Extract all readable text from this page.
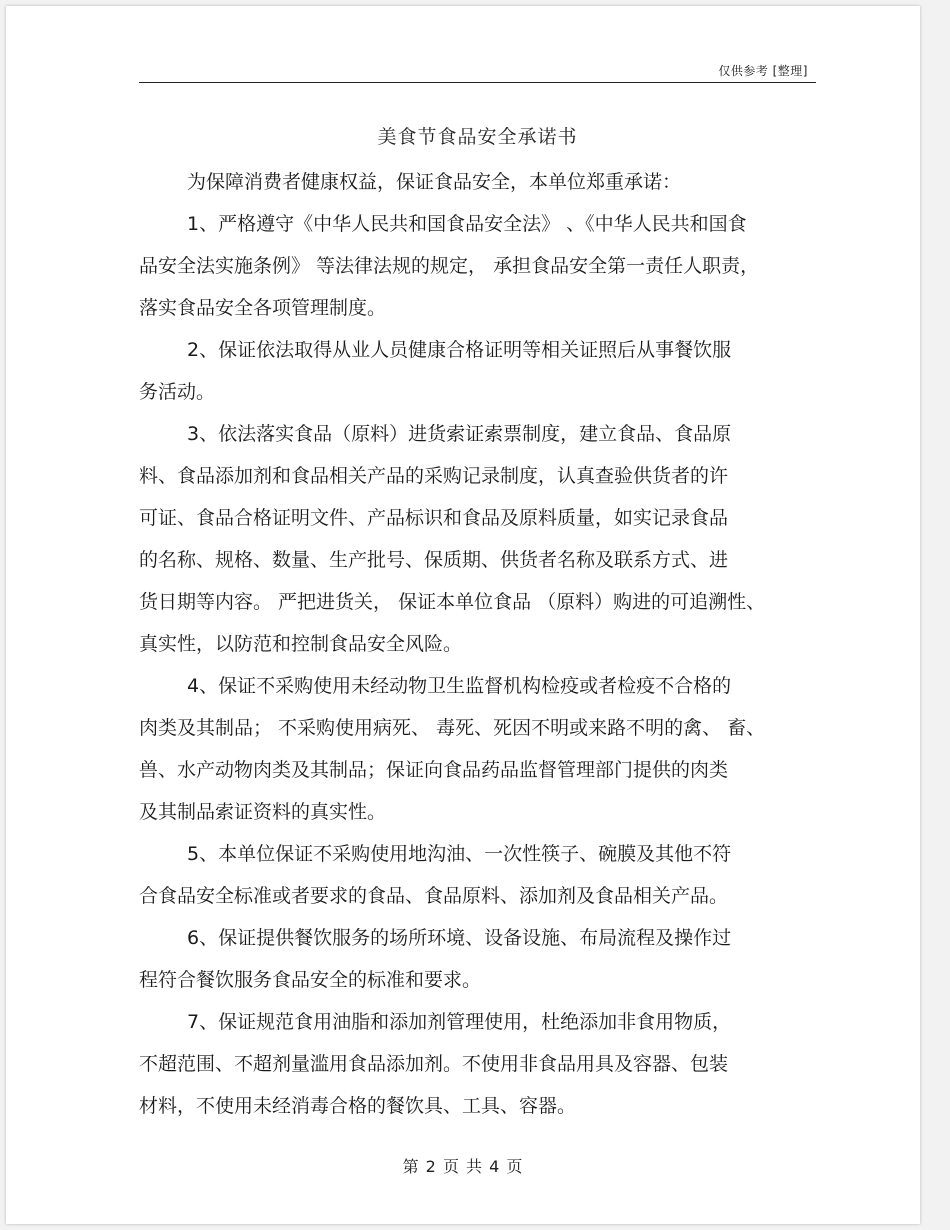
仅供参考 [整理]
美食节食品安全承诺书
为保障消费者健康权益，保证食品安全，本单位郑重承诺：
1、严格遵守《中华人民共和国食品安全法》 、《中华人民共和国食
品安全法实施条例》 等法律法规的规定， 承担食品安全第一责任人职责，
落实食品安全各项管理制度。
2、保证依法取得从业人员健康合格证明等相关证照后从事餐饮服
务活动。
3、依法落实食品（原料）进货索证索票制度，建立食品、食品原
料、食品添加剂和食品相关产品的采购记录制度，认真查验供货者的许
可证、食品合格证明文件、产品标识和食品及原料质量，如实记录食品
的名称、规格、数量、生产批号、保质期、供货者名称及联系方式、进
货日期等内容。 严把进货关， 保证本单位食品 （原料）购进的可追溯性、
真实性，以防范和控制食品安全风险。
4、保证不采购使用未经动物卫生监督机构检疫或者检疫不合格的
肉类及其制品； 不采购使用病死、 毒死、死因不明或来路不明的禽、 畜、
兽、水产动物肉类及其制品；保证向食品药品监督管理部门提供的肉类
及其制品索证资料的真实性。
5、本单位保证不采购使用地沟油、一次性筷子、碗膜及其他不符
合食品安全标准或者要求的食品、食品原料、添加剂及食品相关产品。
6、保证提供餐饮服务的场所环境、设备设施、布局流程及操作过
程符合餐饮服务食品安全的标准和要求。
7、保证规范食用油脂和添加剂管理使用，杜绝添加非食用物质，
不超范围、不超剂量滥用食品添加剂。不使用非食品用具及容器、包装
材料，不使用未经消毒合格的餐饮具、工具、容器。
第 2 页 共 4 页
